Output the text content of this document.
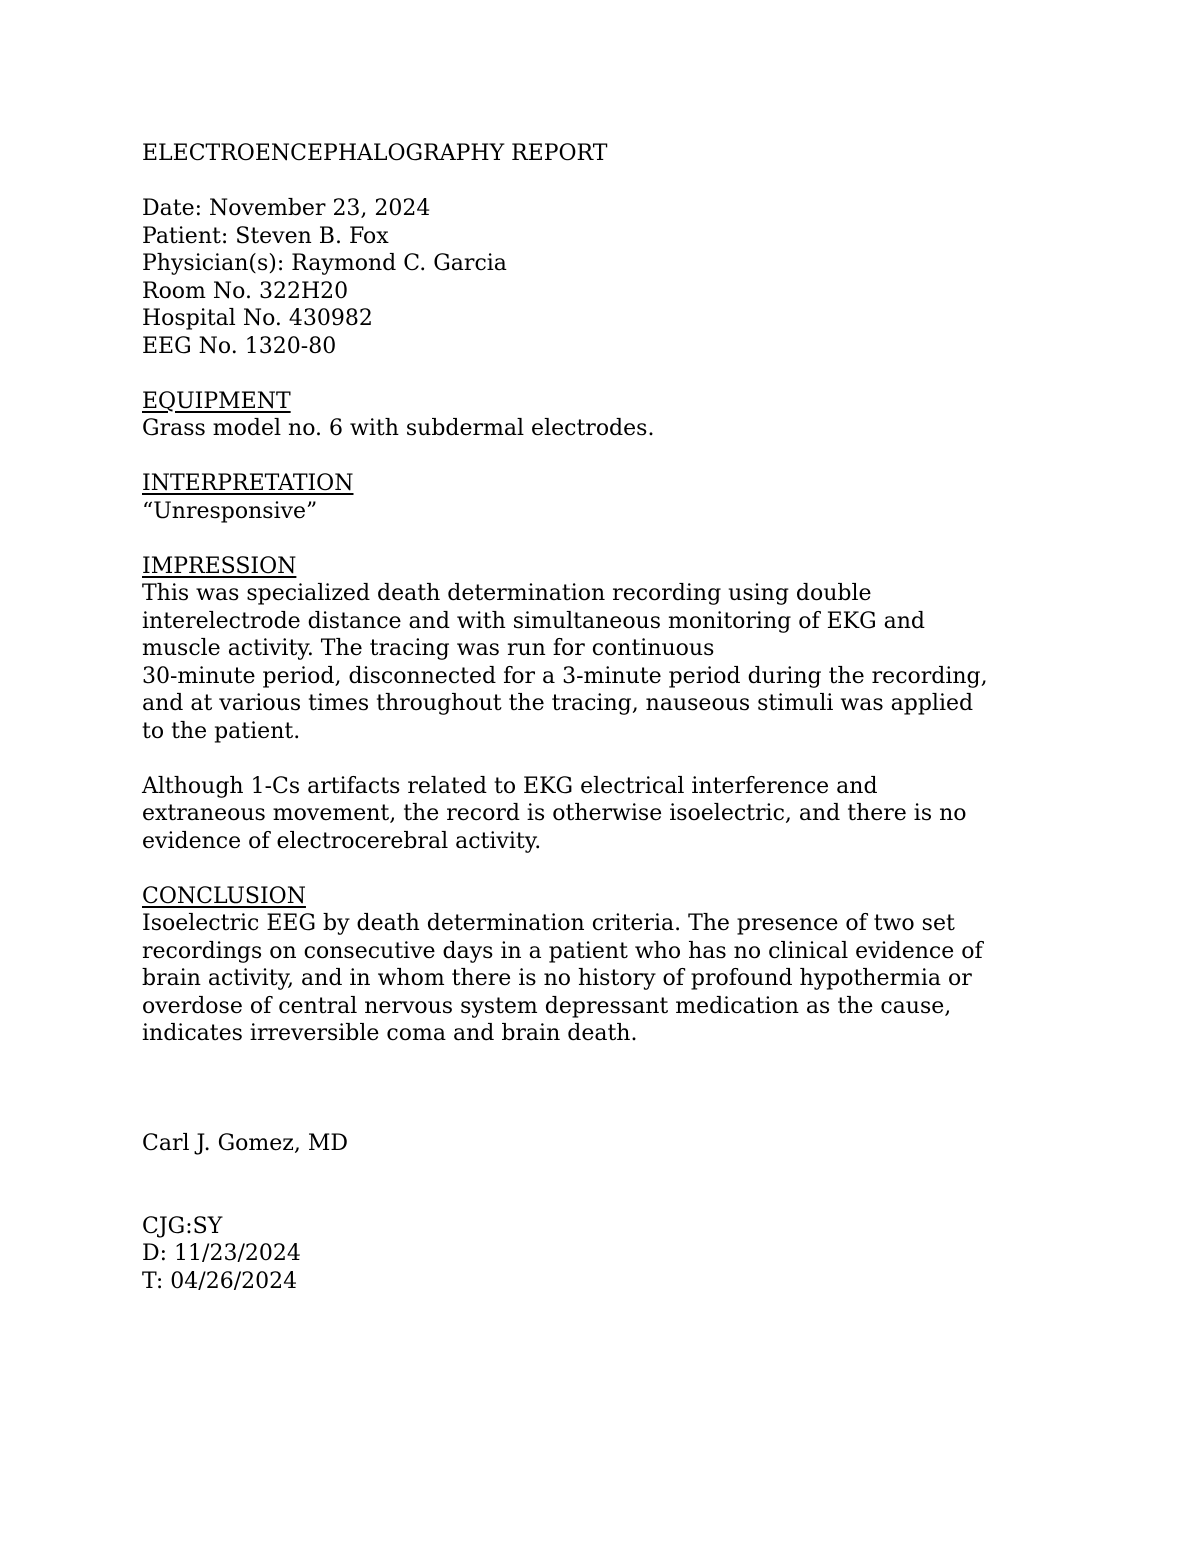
ELECTROENCEPHALOGRAPHY REPORT
Date: November 23, 2024
Patient: Steven B. Fox
Physician(s): Raymond C. Garcia
Room No. 322H20
Hospital No. 430982
EEG No. 1320-80
EQUIPMENT
Grass model no. 6 with subdermal electrodes.
INTERPRETATION
“Unresponsive”
IMPRESSION
This was specialized death determination recording using double
interelectrode distance and with simultaneous monitoring of EKG and
muscle activity. The tracing was run for continuous
30-minute period, disconnected for a 3-minute period during the recording,
and at various times throughout the tracing, nauseous stimuli was applied
to the patient.
Although 1-Cs artifacts related to EKG electrical interference and
extraneous movement, the record is otherwise isoelectric, and there is no
evidence of electrocerebral activity.
CONCLUSION
Isoelectric EEG by death determination criteria. The presence of two set
recordings on consecutive days in a patient who has no clinical evidence of
brain activity, and in whom there is no history of profound hypothermia or
overdose of central nervous system depressant medication as the cause,
indicates irreversible coma and brain death.
Carl J. Gomez, MD
CJG:SY
D: 11/23/2024
T: 04/26/2024
